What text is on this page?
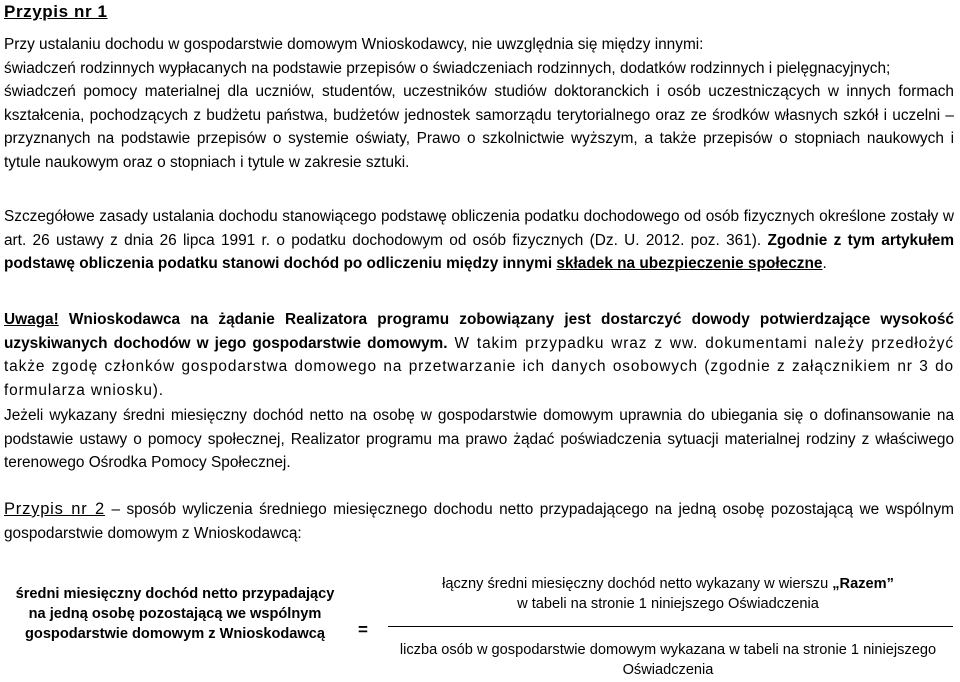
Przypis nr 1

Przy ustalaniu dochodu w gospodarstwie domowym Wnioskodawcy, nie uwzględnia się między innymi:

świadczeń rodzinnych wypłacanych na podstawie przepisów o świadczeniach rodzinnych, dodatków rodzinnych i pielęgnacyjnych;

świadczeń pomocy materialnej dla uczniów, studentów, uczestników studiów doktoranckich i osób uczestniczących w innych formach kształcenia, pochodzących z budżetu państwa, budżetów jednostek samorządu terytorialnego oraz ze środków własnych szkół i uczelni – przyznanych na podstawie przepisów o systemie oświaty, Prawo o szkolnictwie wyższym, a także przepisów o stopniach naukowych i tytule naukowym oraz o stopniach i tytule w zakresie sztuki.

Szczegółowe zasady ustalania dochodu stanowiącego podstawę obliczenia podatku dochodowego od osób fizycznych określone zostały w art. 26 ustawy z dnia 26 lipca 1991 r. o podatku dochodowym od osób fizycznych (Dz. U. 2012. poz. 361). Zgodnie z tym artykułem podstawę obliczenia podatku stanowi dochód po odliczeniu między innymi składek na ubezpieczenie społeczne.

Uwaga! Wnioskodawca na żądanie Realizatora programu zobowiązany jest dostarczyć dowody potwierdzające wysokość uzyskiwanych dochodów w jego gospodarstwie domowym. W takim przypadku wraz z ww. dokumentami należy przedłożyć także zgodę członków gospodarstwa domowego na przetwarzanie ich danych osobowych (zgodnie z załącznikiem nr 3 do formularza wniosku).

Jeżeli wykazany średni miesięczny dochód netto na osobę w gospodarstwie domowym uprawnia do ubiegania się o dofinansowanie na podstawie ustawy o pomocy społecznej, Realizator programu ma prawo żądać poświadczenia sytuacji materialnej rodziny z właściwego terenowego Ośrodka Pomocy Społecznej.

Przypis nr 2 – sposób wyliczenia średniego miesięcznego dochodu netto przypadającego na jedną osobę pozostającą we wspólnym gospodarstwie domowym z Wnioskodawcą:

średni miesięczny dochód netto przypadający na jedną osobę pozostającą we wspólnym gospodarstwie domowym z Wnioskodawcą	=
łączny średni miesięczny dochód netto wykazany w wierszu „Razem”
w tabeli na stronie 1 niniejszego Oświadczenia
liczba osób w gospodarstwie domowym wykazana w tabeli na stronie 1 niniejszego Oświadczenia
